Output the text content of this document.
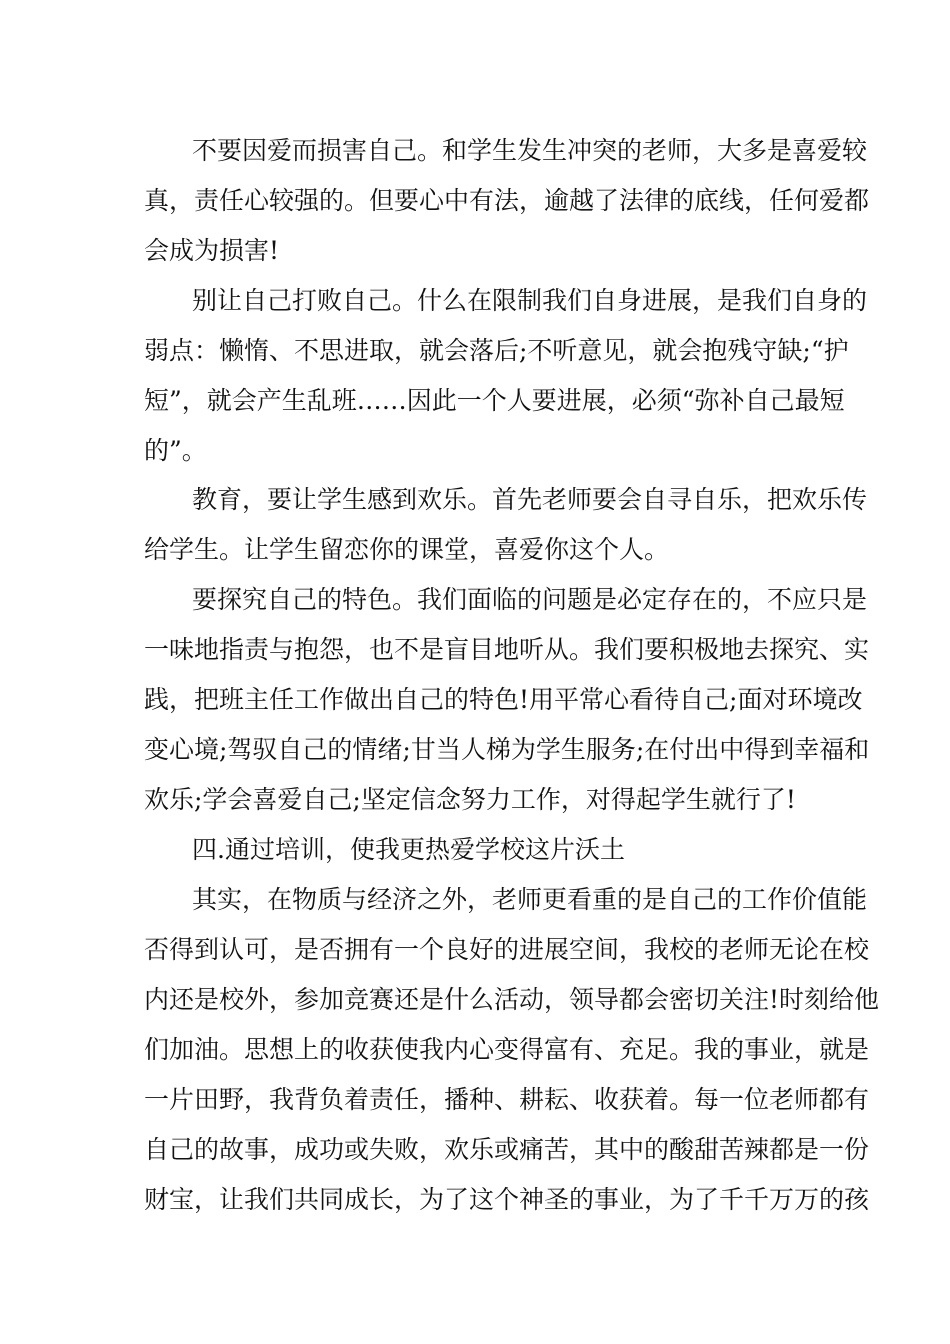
不要因爱而损害自己。和学生发生冲突的老师，大多是喜爱较
真，责任心较强的。但要心中有法，逾越了法律的底线，任何爱都
会成为损害!
别让自己打败自己。什么在限制我们自身进展，是我们自身的
弱点：懒惰、不思进取，就会落后;不听意见，就会抱残守缺;“护
短”，就会产生乱班……因此一个人要进展，必须“弥补自己最短
的”。
教育，要让学生感到欢乐。首先老师要会自寻自乐，把欢乐传
给学生。让学生留恋你的课堂，喜爱你这个人。
要探究自己的特色。我们面临的问题是必定存在的，不应只是
一味地指责与抱怨，也不是盲目地听从。我们要积极地去探究、实
践，把班主任工作做出自己的特色!用平常心看待自己;面对环境改
变心境;驾驭自己的情绪;甘当人梯为学生服务;在付出中得到幸福和
欢乐;学会喜爱自己;坚定信念努力工作，对得起学生就行了!
四.通过培训，使我更热爱学校这片沃土
其实，在物质与经济之外，老师更看重的是自己的工作价值能
否得到认可，是否拥有一个良好的进展空间，我校的老师无论在校
内还是校外，参加竞赛还是什么活动，领导都会密切关注!时刻给他
们加油。思想上的收获使我内心变得富有、充足。我的事业，就是
一片田野，我背负着责任，播种、耕耘、收获着。每一位老师都有
自己的故事，成功或失败，欢乐或痛苦，其中的酸甜苦辣都是一份
财宝，让我们共同成长，为了这个神圣的事业，为了千千万万的孩
